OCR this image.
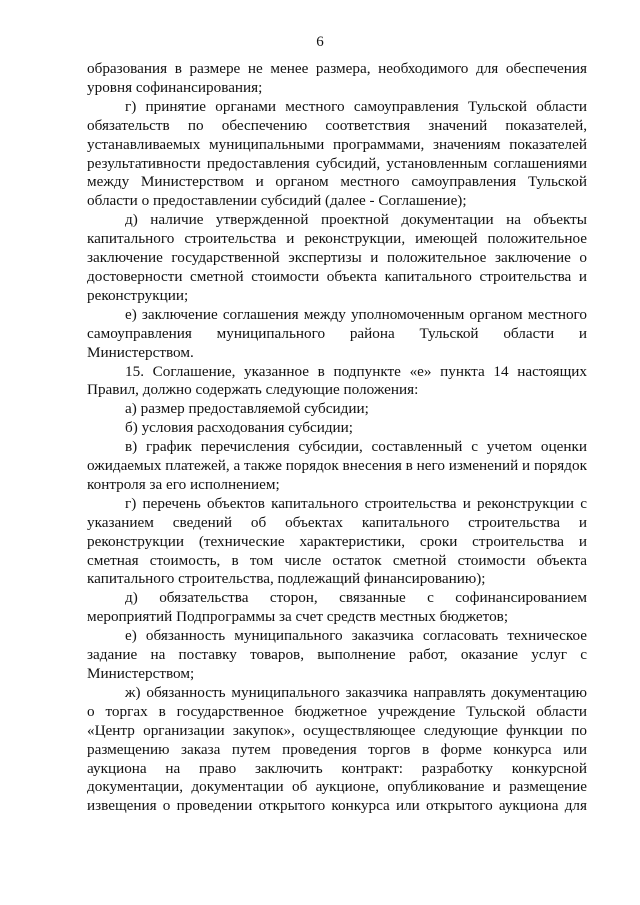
6

образования в размере не менее размера, необходимого для обеспечения уровня софинансирования;

г) принятие органами местного самоуправления Тульской области обязательств по обеспечению соответствия значений показателей, устанавливаемых муниципальными программами, значениям показателей результативности предоставления субсидий, установленным соглашениями между Министерством и органом местного самоуправления Тульской области о предоставлении субсидий (далее - Соглашение);

д) наличие утвержденной проектной документации на объекты капитального строительства и реконструкции, имеющей положительное заключение государственной экспертизы и положительное заключение о достоверности сметной стоимости объекта капитального строительства и реконструкции;

е) заключение соглашения между уполномоченным органом местного самоуправления муниципального района Тульской области и Министерством.

15. Соглашение, указанное в подпункте «е» пункта 14 настоящих Правил, должно содержать следующие положения:

а) размер предоставляемой субсидии;

б) условия расходования субсидии;

в) график перечисления субсидии, составленный с учетом оценки ожидаемых платежей, а также порядок внесения в него изменений и порядок контроля за его исполнением;

г) перечень объектов капитального строительства и реконструкции с указанием сведений об объектах капитального строительства и реконструкции (технические характеристики, сроки строительства и сметная стоимость, в том числе остаток сметной стоимости объекта капитального строительства, подлежащий финансированию);

д) обязательства сторон, связанные с софинансированием мероприятий Подпрограммы за счет средств местных бюджетов;

е) обязанность муниципального заказчика согласовать техническое задание на поставку товаров, выполнение работ, оказание услуг с Министерством;

ж) обязанность муниципального заказчика направлять документацию о торгах в государственное бюджетное учреждение Тульской области «Центр организации закупок», осуществляющее следующие функции по размещению заказа путем проведения торгов в форме конкурса или аукциона на право заключить контракт: разработку конкурсной документации, документации об аукционе, опубликование и размещение извещения о проведении открытого конкурса или открытого аукциона для
